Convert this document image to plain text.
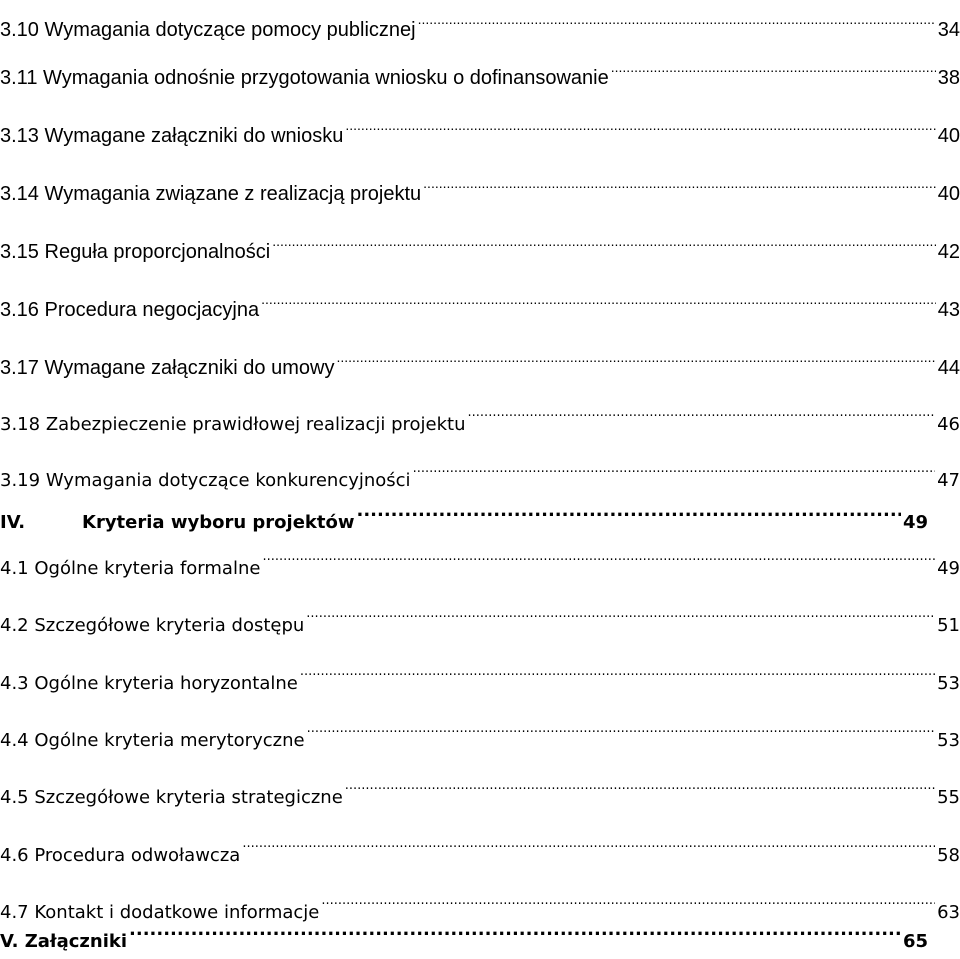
3.10 Wymagania dotyczące pomocy publicznej .....	34
3.11 Wymagania odnośnie przygotowania wniosku o dofinansowanie .....	38
3.13 Wymagane załączniki do wniosku .....	40
3.14 Wymagania związane z realizacją projektu .....	40
3.15 Reguła proporcjonalności .....	42
3.16 Procedura negocjacyjna .....	43
3.17 Wymagane załączniki do umowy .....	44
3.18 Zabezpieczenie prawidłowej realizacji projektu .....	46
3.19 Wymagania dotyczące konkurencyjności .....	47
IV.	Kryteria wyboru projektów .....	49
4.1 Ogólne kryteria formalne .....	49
4.2 Szczegółowe kryteria dostępu .....	51
4.3 Ogólne kryteria horyzontalne .....	53
4.4 Ogólne kryteria merytoryczne .....	53
4.5 Szczegółowe kryteria strategiczne .....	55
4.6 Procedura odwoławcza .....	58
4.7 Kontakt i dodatkowe informacje .....	63
V. Załączniki .....	65
